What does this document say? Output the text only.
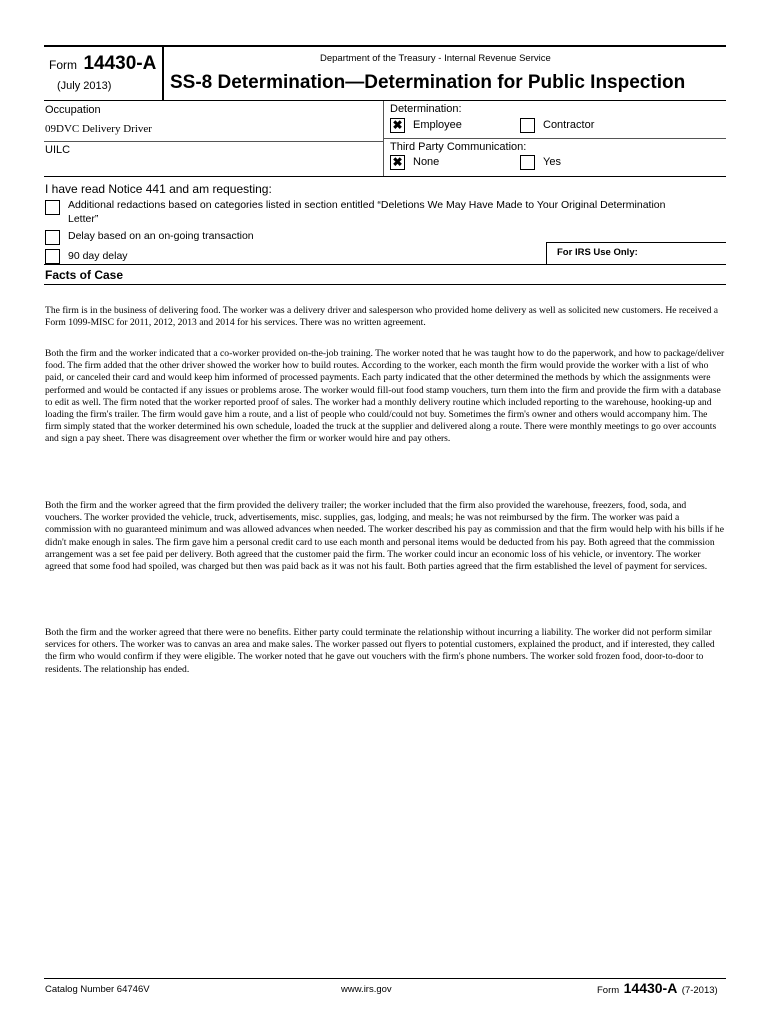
Form 14430-A
(July 2013)
Department of the Treasury - Internal Revenue Service
SS-8 Determination—Determination for Public Inspection
Occupation
09DVC Delivery Driver
UILC
Determination:
✖ Employee	Contractor
Third Party Communication:
✖ None	Yes
I have read Notice 441 and am requesting:
Additional redactions based on categories listed in section entitled “Deletions We May Have Made to Your Original Determination
Letter”
Delay based on an on-going transaction
90 day delay	For IRS Use Only:
Facts of Case

The firm is in the business of delivering food. The worker was a delivery driver and salesperson who provided home delivery as well as solicited new customers. He received a Form 1099-MISC for 2011, 2012, 2013 and 2014 for his services. There was no written agreement.

Both the firm and the worker indicated that a co-worker provided on-the-job training. The worker noted that he was taught how to do the paperwork, and how to package/deliver food. The firm added that the other driver showed the worker how to build routes. According to the worker, each month the firm would provide the worker with a list of who paid, or canceled their card and would keep him informed of processed payments. Each party indicated that the other determined the methods by which the assignments were performed and would be contacted if any issues or problems arose. The worker would fill-out food stamp vouchers, turn them into the firm and provide the firm with a database to edit as well. The firm noted that the worker reported proof of sales. The worker had a monthly delivery routine which included reporting to the warehouse, hooking-up and loading the firm's trailer. The firm would gave him a route, and a list of people who could/could not buy. Sometimes the firm's owner and others would accompany him. The firm simply stated that the worker determined his own schedule, loaded the truck at the supplier and delivered along a route. There were monthly meetings to go over accounts and sign a pay sheet. There was disagreement over whether the firm or worker would hire and pay others.

Both the firm and the worker agreed that the firm provided the delivery trailer; the worker included that the firm also provided the warehouse, freezers, food, soda, and vouchers. The worker provided the vehicle, truck, advertisements, misc. supplies, gas, lodging, and meals; he was not reimbursed by the firm. The worker was paid a commission with no guaranteed minimum and was allowed advances when needed. The worker described his pay as commission and that the firm would help with his bills if he didn't make enough in sales. The firm gave him a personal credit card to use each month and personal items would be deducted from his pay. Both agreed that the commission arrangement was a set fee paid per delivery. Both agreed that the customer paid the firm. The worker could incur an economic loss of his vehicle, or inventory. The worker agreed that some food had spoiled, was charged but then was paid back as it was not his fault. Both parties agreed that the firm established the level of payment for services.

Both the firm and the worker agreed that there were no benefits. Either party could terminate the relationship without incurring a liability. The worker did not perform similar services for others. The worker was to canvas an area and make sales. The worker passed out flyers to potential customers, explained the product, and if interested, they called the firm who would confirm if they were eligible. The worker noted that he gave out vouchers with the firm's phone numbers. The worker sold frozen food, door-to-door to residents. The relationship has ended.

Catalog Number 64746V	www.irs.gov	Form 14430-A (7-2013)
